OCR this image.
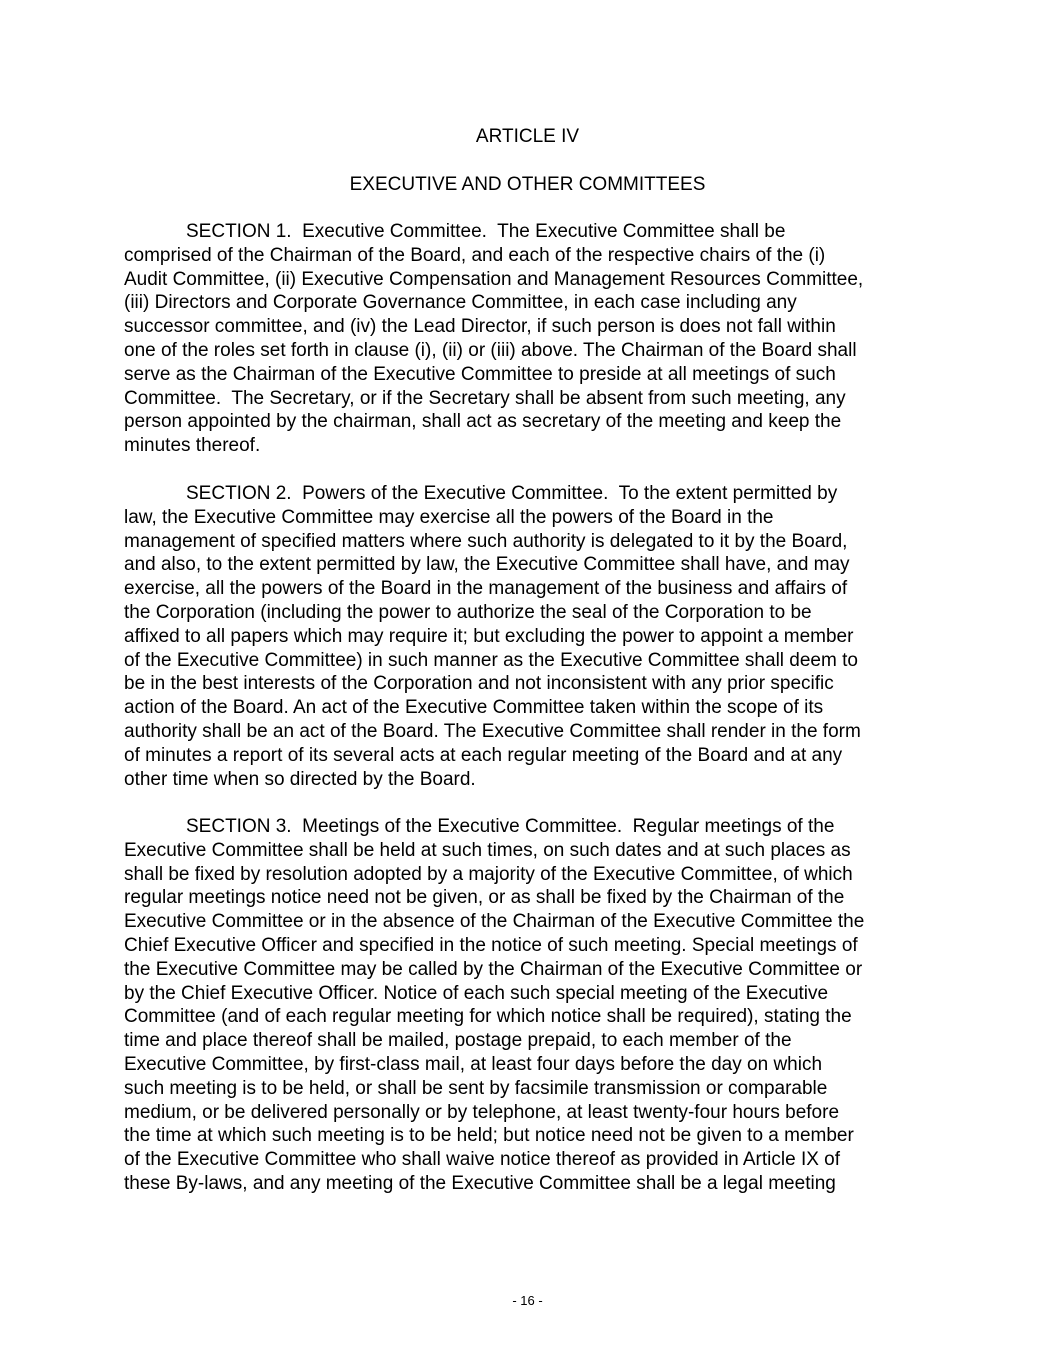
ARTICLE IV
EXECUTIVE AND OTHER COMMITTEES
SECTION 1.  Executive Committee.  The Executive Committee shall be
comprised of the Chairman of the Board, and each of the respective chairs of the (i)
Audit Committee, (ii) Executive Compensation and Management Resources Committee,
(iii) Directors and Corporate Governance Committee, in each case including any
successor committee, and (iv) the Lead Director, if such person is does not fall within
one of the roles set forth in clause (i), (ii) or (iii) above. The Chairman of the Board shall
serve as the Chairman of the Executive Committee to preside at all meetings of such
Committee.  The Secretary, or if the Secretary shall be absent from such meeting, any
person appointed by the chairman, shall act as secretary of the meeting and keep the
minutes thereof.
SECTION 2.  Powers of the Executive Committee.  To the extent permitted by
law, the Executive Committee may exercise all the powers of the Board in the
management of specified matters where such authority is delegated to it by the Board,
and also, to the extent permitted by law, the Executive Committee shall have, and may
exercise, all the powers of the Board in the management of the business and affairs of
the Corporation (including the power to authorize the seal of the Corporation to be
affixed to all papers which may require it; but excluding the power to appoint a member
of the Executive Committee) in such manner as the Executive Committee shall deem to
be in the best interests of the Corporation and not inconsistent with any prior specific
action of the Board. An act of the Executive Committee taken within the scope of its
authority shall be an act of the Board. The Executive Committee shall render in the form
of minutes a report of its several acts at each regular meeting of the Board and at any
other time when so directed by the Board.
SECTION 3.  Meetings of the Executive Committee.  Regular meetings of the
Executive Committee shall be held at such times, on such dates and at such places as
shall be fixed by resolution adopted by a majority of the Executive Committee, of which
regular meetings notice need not be given, or as shall be fixed by the Chairman of the
Executive Committee or in the absence of the Chairman of the Executive Committee the
Chief Executive Officer and specified in the notice of such meeting. Special meetings of
the Executive Committee may be called by the Chairman of the Executive Committee or
by the Chief Executive Officer. Notice of each such special meeting of the Executive
Committee (and of each regular meeting for which notice shall be required), stating the
time and place thereof shall be mailed, postage prepaid, to each member of the
Executive Committee, by first-class mail, at least four days before the day on which
such meeting is to be held, or shall be sent by facsimile transmission or comparable
medium, or be delivered personally or by telephone, at least twenty-four hours before
the time at which such meeting is to be held; but notice need not be given to a member
of the Executive Committee who shall waive notice thereof as provided in Article IX of
these By-laws, and any meeting of the Executive Committee shall be a legal meeting
- 16 -
